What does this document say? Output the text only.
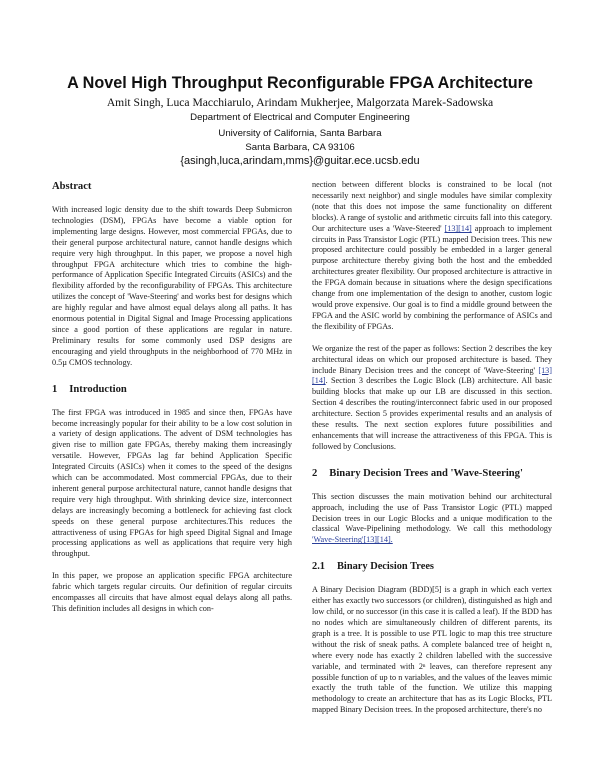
A Novel High Throughput Reconfigurable FPGA Architecture

Amit Singh, Luca Macchiarulo, Arindam Mukherjee, Malgorzata Marek-Sadowska

Department of Electrical and Computer Engineering

University of California, Santa Barbara

Santa Barbara, CA 93106

{asingh,luca,arindam,mms}@guitar.ece.ucsb.edu

Abstract

With increased logic density due to the shift towards Deep Submicron technologies (DSM), FPGAs have become a viable option for implementing large designs. However, most commercial FPGAs, due to their general purpose architectural nature, cannot handle designs which require very high throughput. In this paper, we propose a novel high throughput FPGA architecture which tries to combine the high-performance of Application Specific Integrated Circuits (ASICs) and the flexibility afforded by the reconfigurability of FPGAs. This architecture utilizes the concept of 'Wave-Steering' and works best for designs which are highly regular and have almost equal delays along all paths. It has enormous potential in Digital Signal and Image Processing applications since a good portion of these applications are regular in nature. Preliminary results for some commonly used DSP designs are encouraging and yield throughputs in the neighborhood of 770 MHz in 0.5µ CMOS technology.

1 Introduction

The first FPGA was introduced in 1985 and since then, FPGAs have become increasingly popular for their ability to be a low cost solution in a variety of design applications. The advent of DSM technologies has given rise to million gate FPGAs, thereby making them increasingly versatile. However, FPGAs lag far behind Application Specific Integrated Circuits (ASICs) when it comes to the speed of the designs which can be accommodated. Most commercial FPGAs, due to their inherent general purpose architectural nature, cannot handle designs that require very high throughput. With shrinking device size, interconnect delays are increasingly becoming a bottleneck for achieving fast clock speeds on these general purpose architectures.This reduces the attractiveness of using FPGAs for high speed Digital Signal and Image processing applications as well as applications that require very high throughput.

In this paper, we propose an application specific FPGA architecture fabric which targets regular circuits. Our definition of regular circuits encompasses all circuits that have almost equal delays along all paths. This definition includes all designs in which con-

nection between different blocks is constrained to be local (not necessarily next neighbor) and single modules have similar complexity (note that this does not impose the same functionality on different blocks). A range of systolic and arithmetic circuits fall into this category. Our architecture uses a 'Wave-Steered' [13][14] approach to implement circuits in Pass Transistor Logic (PTL) mapped Decision trees. This new proposed architecture could possibly be embedded in a larger general purpose architecture thereby giving both the host and the embedded architectures greater flexibility. Our proposed architecture is attractive in the FPGA domain because in situations where the design specifications change from one implementation of the design to another, custom logic would prove expensive. Our goal is to find a middle ground between the FPGA and the ASIC world by combining the performance of ASICs and the flexibility of FPGAs.

We organize the rest of the paper as follows: Section 2 describes the key architectural ideas on which our proposed architecture is based. They include Binary Decision trees and the concept of 'Wave-Steering' [13][14]. Section 3 describes the Logic Block (LB) architecture. All basic building blocks that make up our LB are discussed in this section. Section 4 describes the routing/interconnect fabric used in our proposed architecture. Section 5 provides experimental results and an analysis of these results. The next section explores future possibilities and enhancements that will increase the attractiveness of this FPGA. This is followed by Conclusions.

2 Binary Decision Trees and 'Wave-Steering'

This section discusses the main motivation behind our architectural approach, including the use of Pass Transistor Logic (PTL) mapped Decision trees in our Logic Blocks and a unique modification to the classical Wave-Pipelining methodology. We call this methodology 'Wave-Steering'[13][14].

2.1 Binary Decision Trees

A Binary Decision Diagram (BDD)[5] is a graph in which each vertex either has exactly two successors (or children), distinguished as high and low child, or no successor (in this case it is called a leaf). If the BDD has no nodes which are simultaneously children of different parents, its graph is a tree. It is possible to use PTL logic to map this tree structure without the risk of sneak paths. A complete balanced tree of height n, where every node has exactly 2 children labelled with the successive variable, and terminated with 2ⁿ leaves, can therefore represent any possible function of up to n variables, and the values of the leaves mimic exactly the truth table of the function. We utilize this mapping methodology to create an architecture that has as its Logic Blocks, PTL mapped Binary Decision trees. In the proposed architecture, there's no
